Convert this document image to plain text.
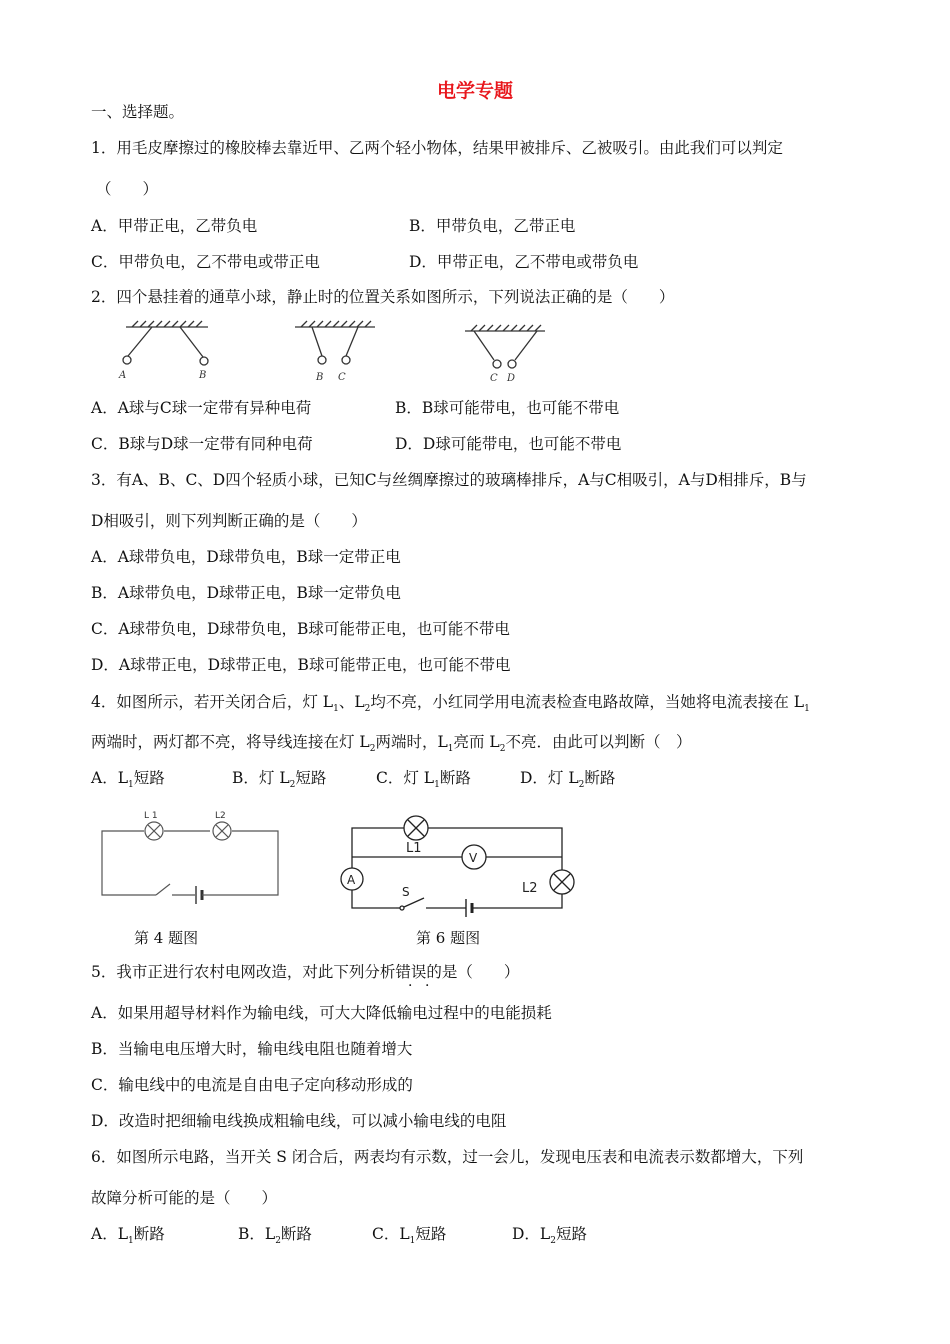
电学专题
一、选择题。
1．用毛皮摩擦过的橡胶棒去靠近甲、乙两个轻小物体，结果甲被排斥、乙被吸引。由此我们可以判定
（　　）
A．甲带正电，乙带负电	B．甲带负电，乙带正电
C．甲带负电，乙不带电或带正电	D．甲带正电，乙不带电或带负电
2．四个悬挂着的通草小球，静止时的位置关系如图所示，下列说法正确的是（　　）
A	B	B C	C D
A．A球与C球一定带有异种电荷	B．B球可能带电，也可能不带电
C．B球与D球一定带有同种电荷	D．D球可能带电，也可能不带电
3．有A、B、C、D四个轻质小球，已知C与丝绸摩擦过的玻璃棒排斥，A与C相吸引，A与D相排斥，B与
D相吸引，则下列判断正确的是（　　）
A．A球带负电，D球带负电，B球一定带正电
B．A球带负电，D球带正电，B球一定带负电
C．A球带负电，D球带负电，B球可能带正电，也可能不带电
D．A球带正电，D球带正电，B球可能带正电，也可能不带电
4．如图所示，若开关闭合后，灯 $L_1$、$L_2$均不亮，小红同学用电流表检查电路故障，当她将电流表接在 $L_1$
两端时，两灯都不亮，将导线连接在灯 $L_2$两端时，$L_1$亮而 $L_2$不亮．由此可以判断（　）
A．$L_1$短路	B．灯 $L_2$短路	C．灯 $L_1$断路	D．灯 $L_2$断路
L 1	L2
L1
V
A
L2
S
第 4 题图	第 6 题图
5．我市正进行农村电网改造，对此下列分析错误的是（　　）
· ·
A．如果用超导材料作为输电线，可大大降低输电过程中的电能损耗
B．当输电电压增大时，输电线电阻也随着增大
C．输电线中的电流是自由电子定向移动形成的
D．改造时把细输电线换成粗输电线，可以减小输电线的电阻
6．如图所示电路，当开关 S 闭合后，两表均有示数，过一会儿，发现电压表和电流表示数都增大，下列
故障分析可能的是（　　）
A．$L_1$断路	B．$L_2$断路	C．$L_1$短路	D．$L_2$短路
